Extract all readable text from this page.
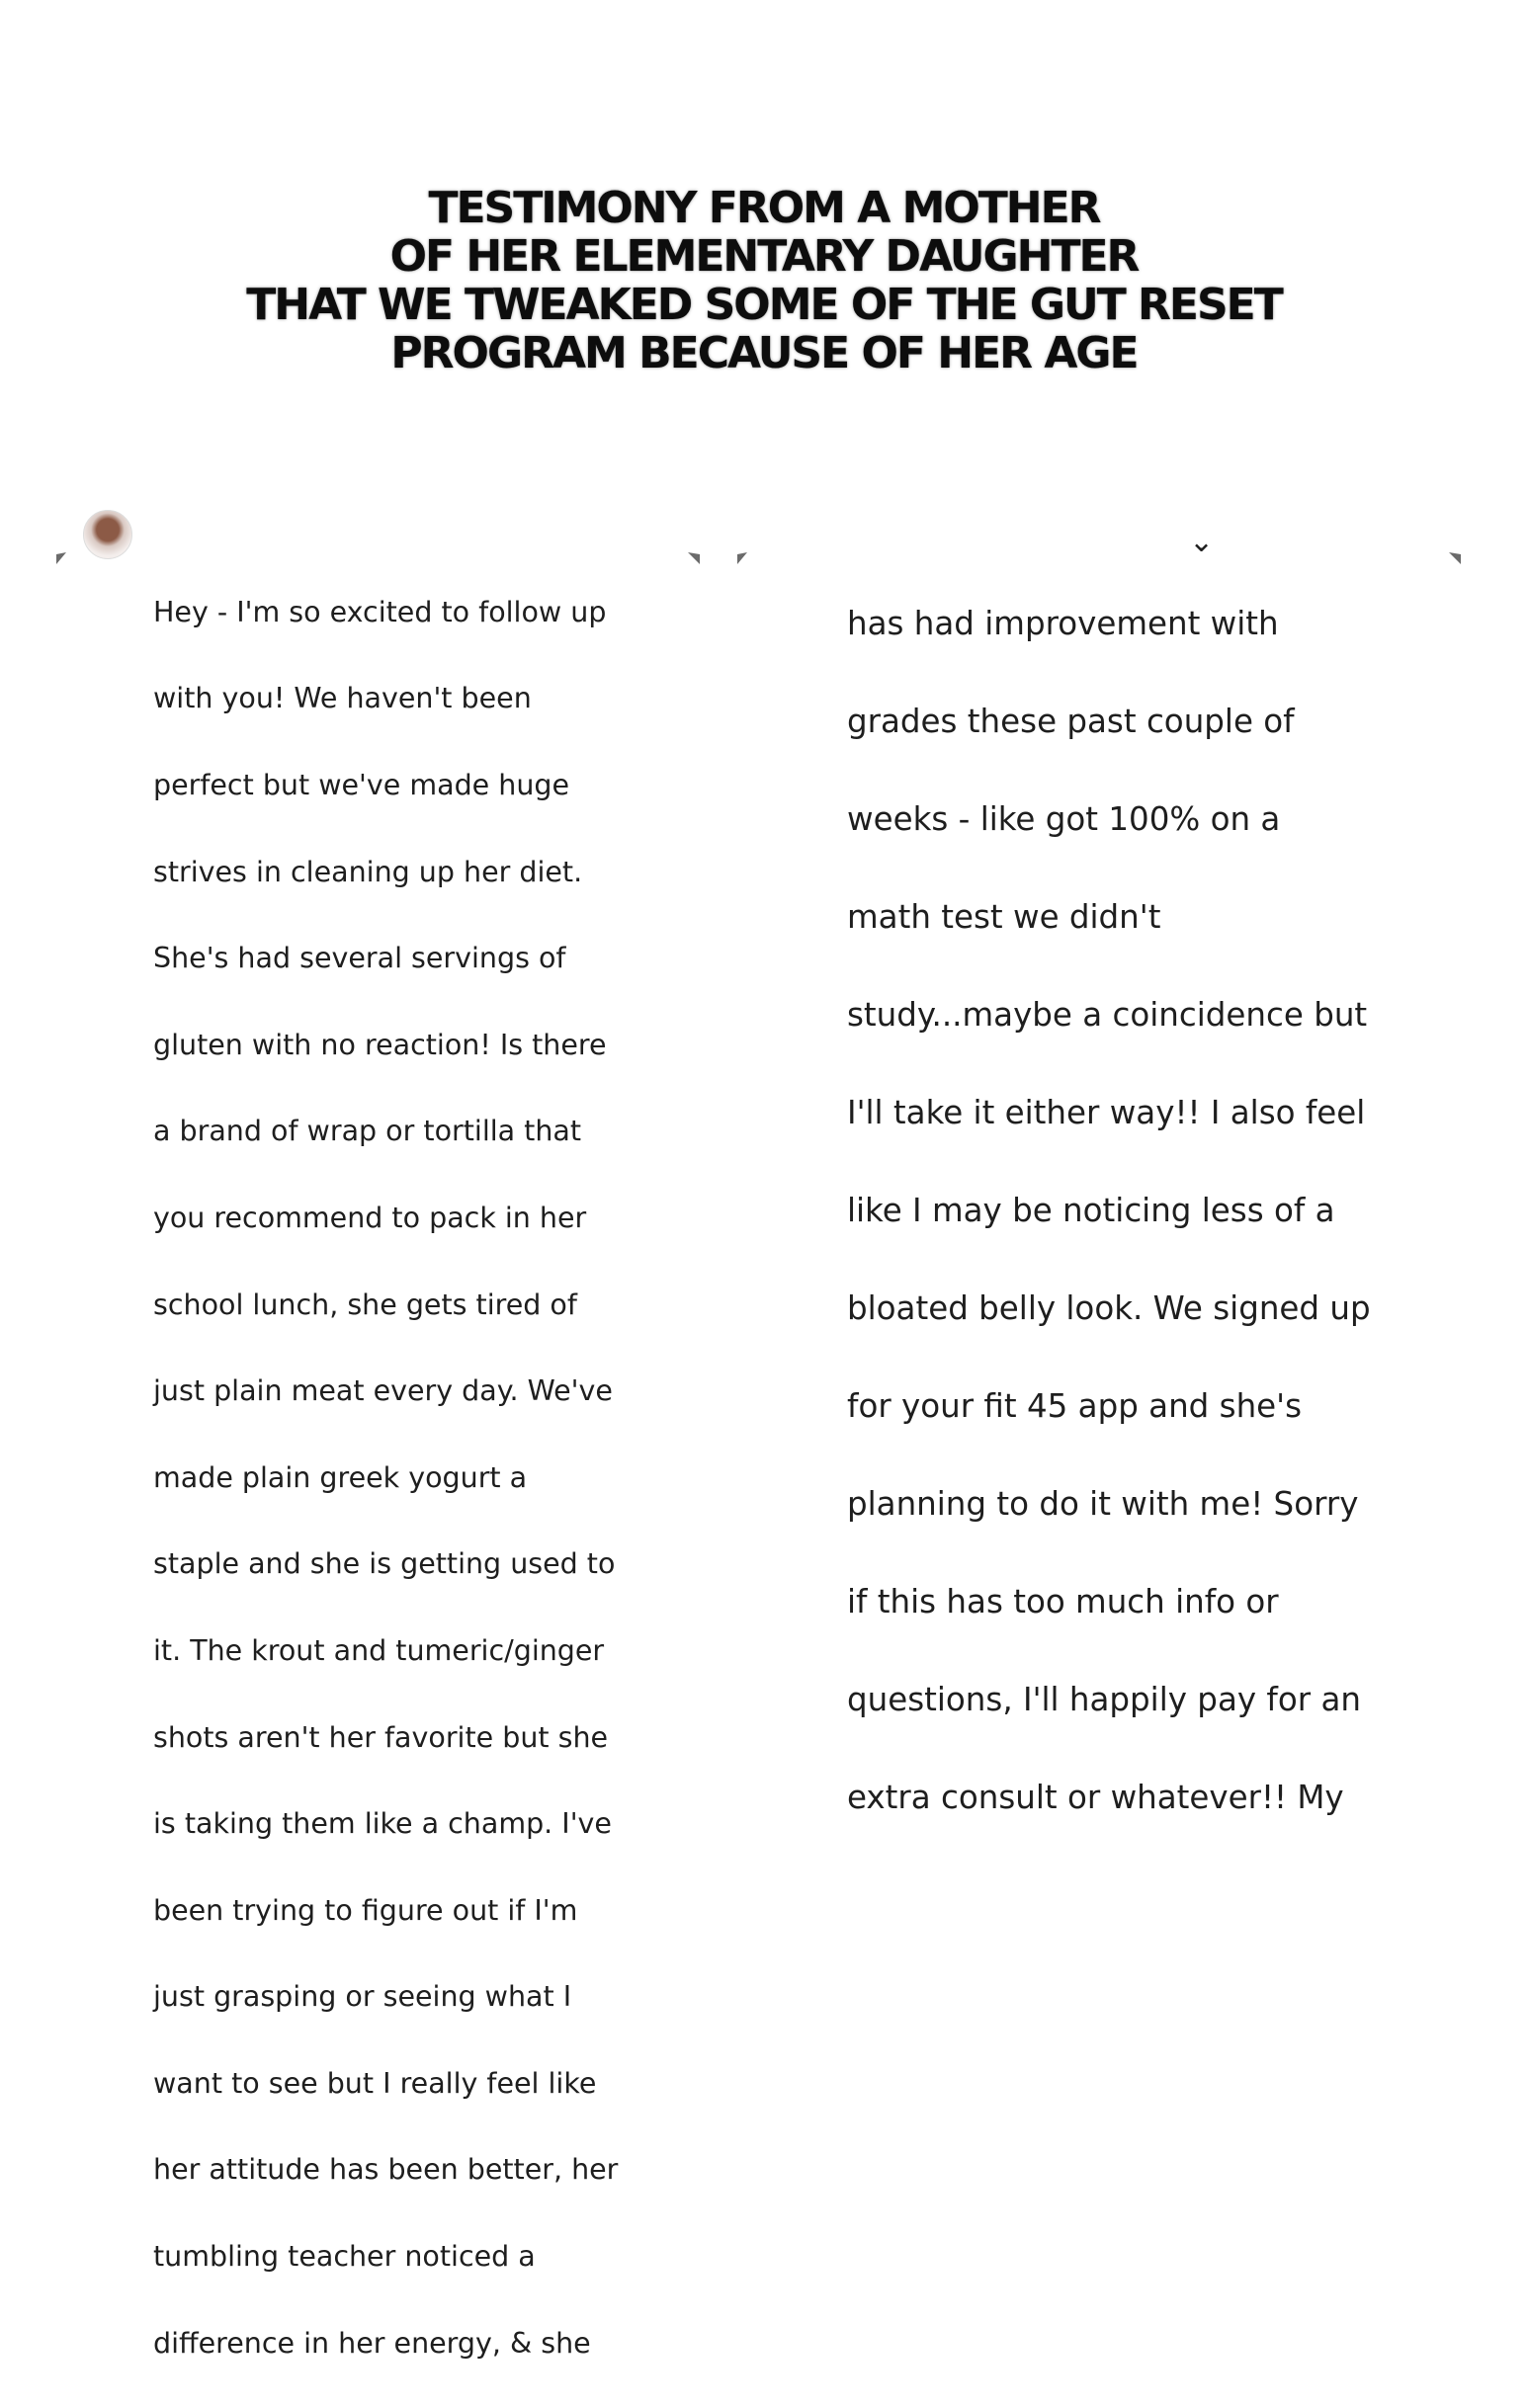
TESTIMONY FROM A MOTHER
OF HER ELEMENTARY DAUGHTER
THAT WE TWEAKED SOME OF THE GUT RESET
PROGRAM BECAUSE OF HER AGE

Hey - I'm so excited to follow up

with you! We haven't been

perfect but we've made huge

strives in cleaning up her diet.

She's had several servings of

gluten with no reaction! Is there

a brand of wrap or tortilla that

you recommend to pack in her

school lunch, she gets tired of

just plain meat every day. We've

made plain greek yogurt a

staple and she is getting used to

it. The krout and tumeric/ginger

shots aren't her favorite but she

is taking them like a champ. I've

been trying to figure out if I'm

just grasping or seeing what I

want to see but I really feel like

her attitude has been better, her

tumbling teacher noticed a

difference in her energy, & she

⌄

has had improvement with

grades these past couple of

weeks - like got 100% on a

math test we didn't

study...maybe a coincidence but

I'll take it either way!! I also feel

like I may be noticing less of a

bloated belly look. We signed up

for your fit 45 app and she's

planning to do it with me! Sorry

if this has too much info or

questions, I'll happily pay for an

extra consult or whatever!! My
